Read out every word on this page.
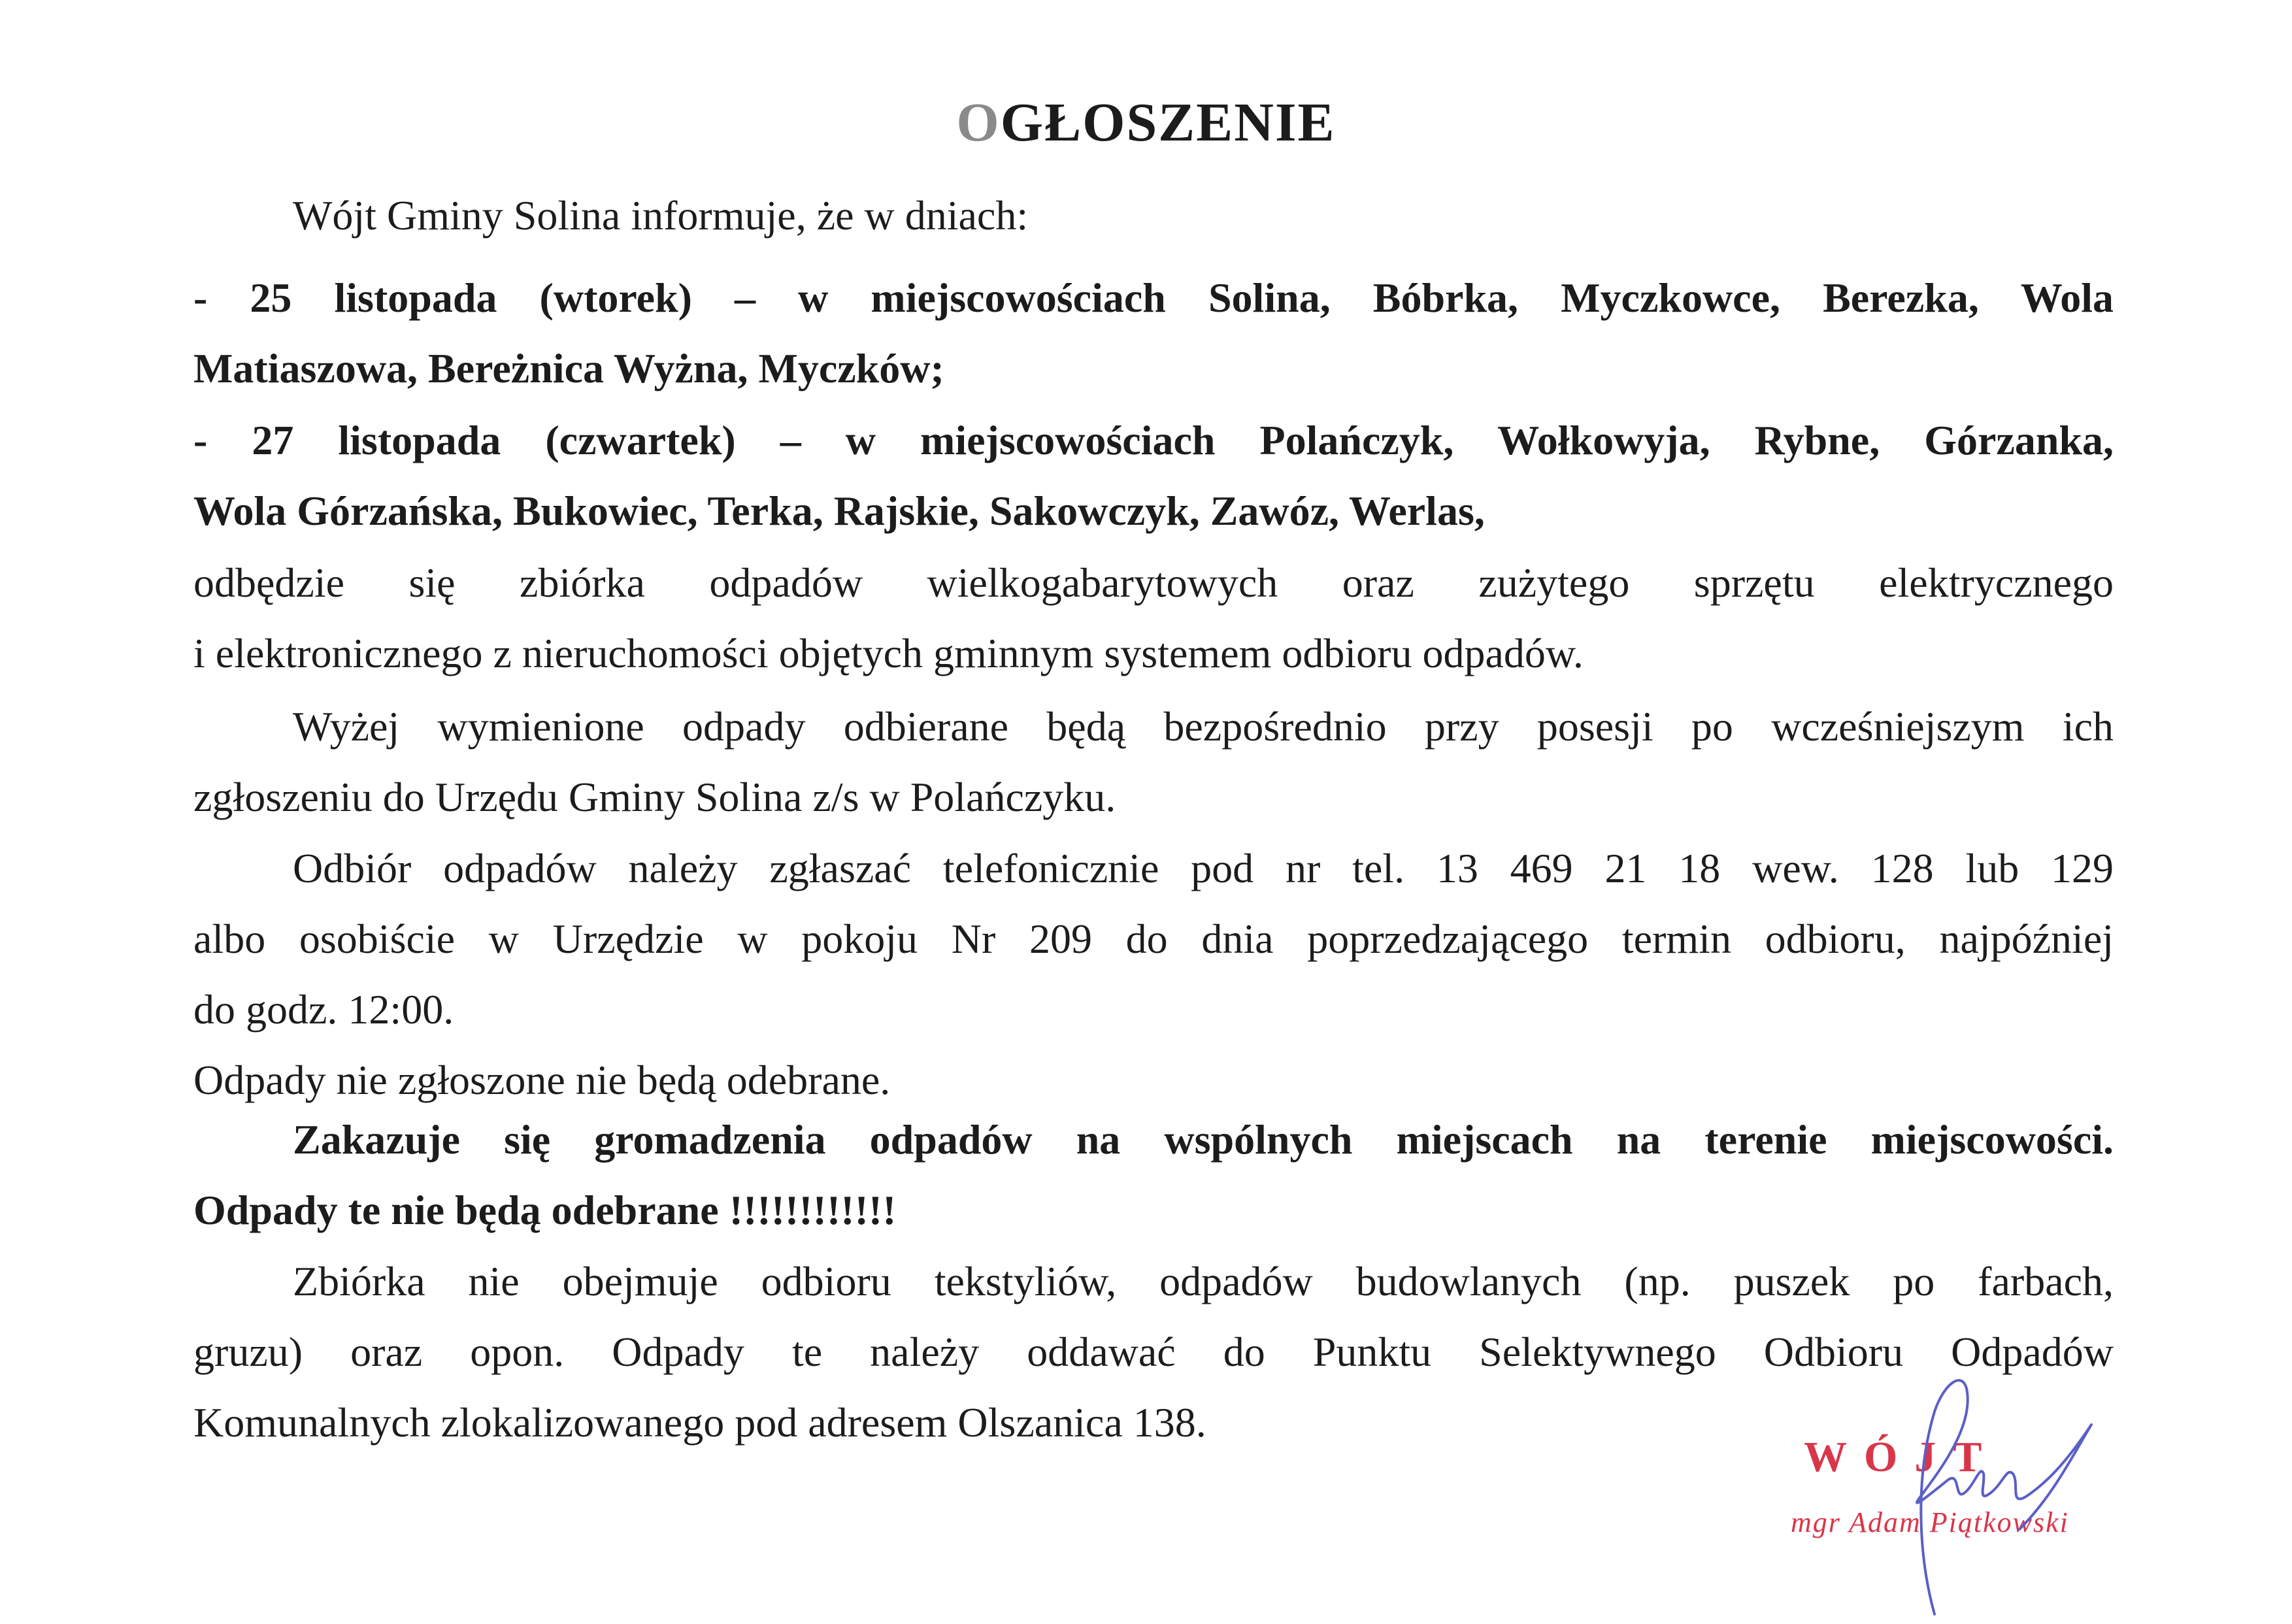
OGŁOSZENIE
Wójt Gminy Solina informuje, że w dniach:
- 25 listopada (wtorek) – w miejscowościach Solina, Bóbrka, Myczkowce, Berezka, Wola
Matiaszowa, Bereżnica Wyżna, Myczków;
- 27 listopada (czwartek) – w miejscowościach Polańczyk, Wołkowyja, Rybne, Górzanka,
Wola Górzańska, Bukowiec, Terka, Rajskie, Sakowczyk, Zawóz, Werlas,
odbędzie się zbiórka odpadów wielkogabarytowych oraz zużytego sprzętu elektrycznego
i elektronicznego z nieruchomości objętych gminnym systemem odbioru odpadów.
Wyżej wymienione odpady odbierane będą bezpośrednio przy posesji po wcześniejszym ich
zgłoszeniu do Urzędu Gminy Solina z/s w Polańczyku.
Odbiór odpadów należy zgłaszać telefonicznie pod nr tel. 13 469 21 18 wew. 128 lub 129
albo osobiście w Urzędzie w pokoju Nr 209 do dnia poprzedzającego termin odbioru, najpóźniej
do godz. 12:00.
Odpady nie zgłoszone nie będą odebrane.
Zakazuje się gromadzenia odpadów na wspólnych miejscach na terenie miejscowości.
Odpady te nie będą odebrane !!!!!!!!!!!!
Zbiórka nie obejmuje odbioru tekstyliów, odpadów budowlanych (np. puszek po farbach,
gruzu) oraz opon. Odpady te należy oddawać do Punktu Selektywnego Odbioru Odpadów
Komunalnych zlokalizowanego pod adresem Olszanica 138.
WÓJT
mgr Adam Piątkowski
